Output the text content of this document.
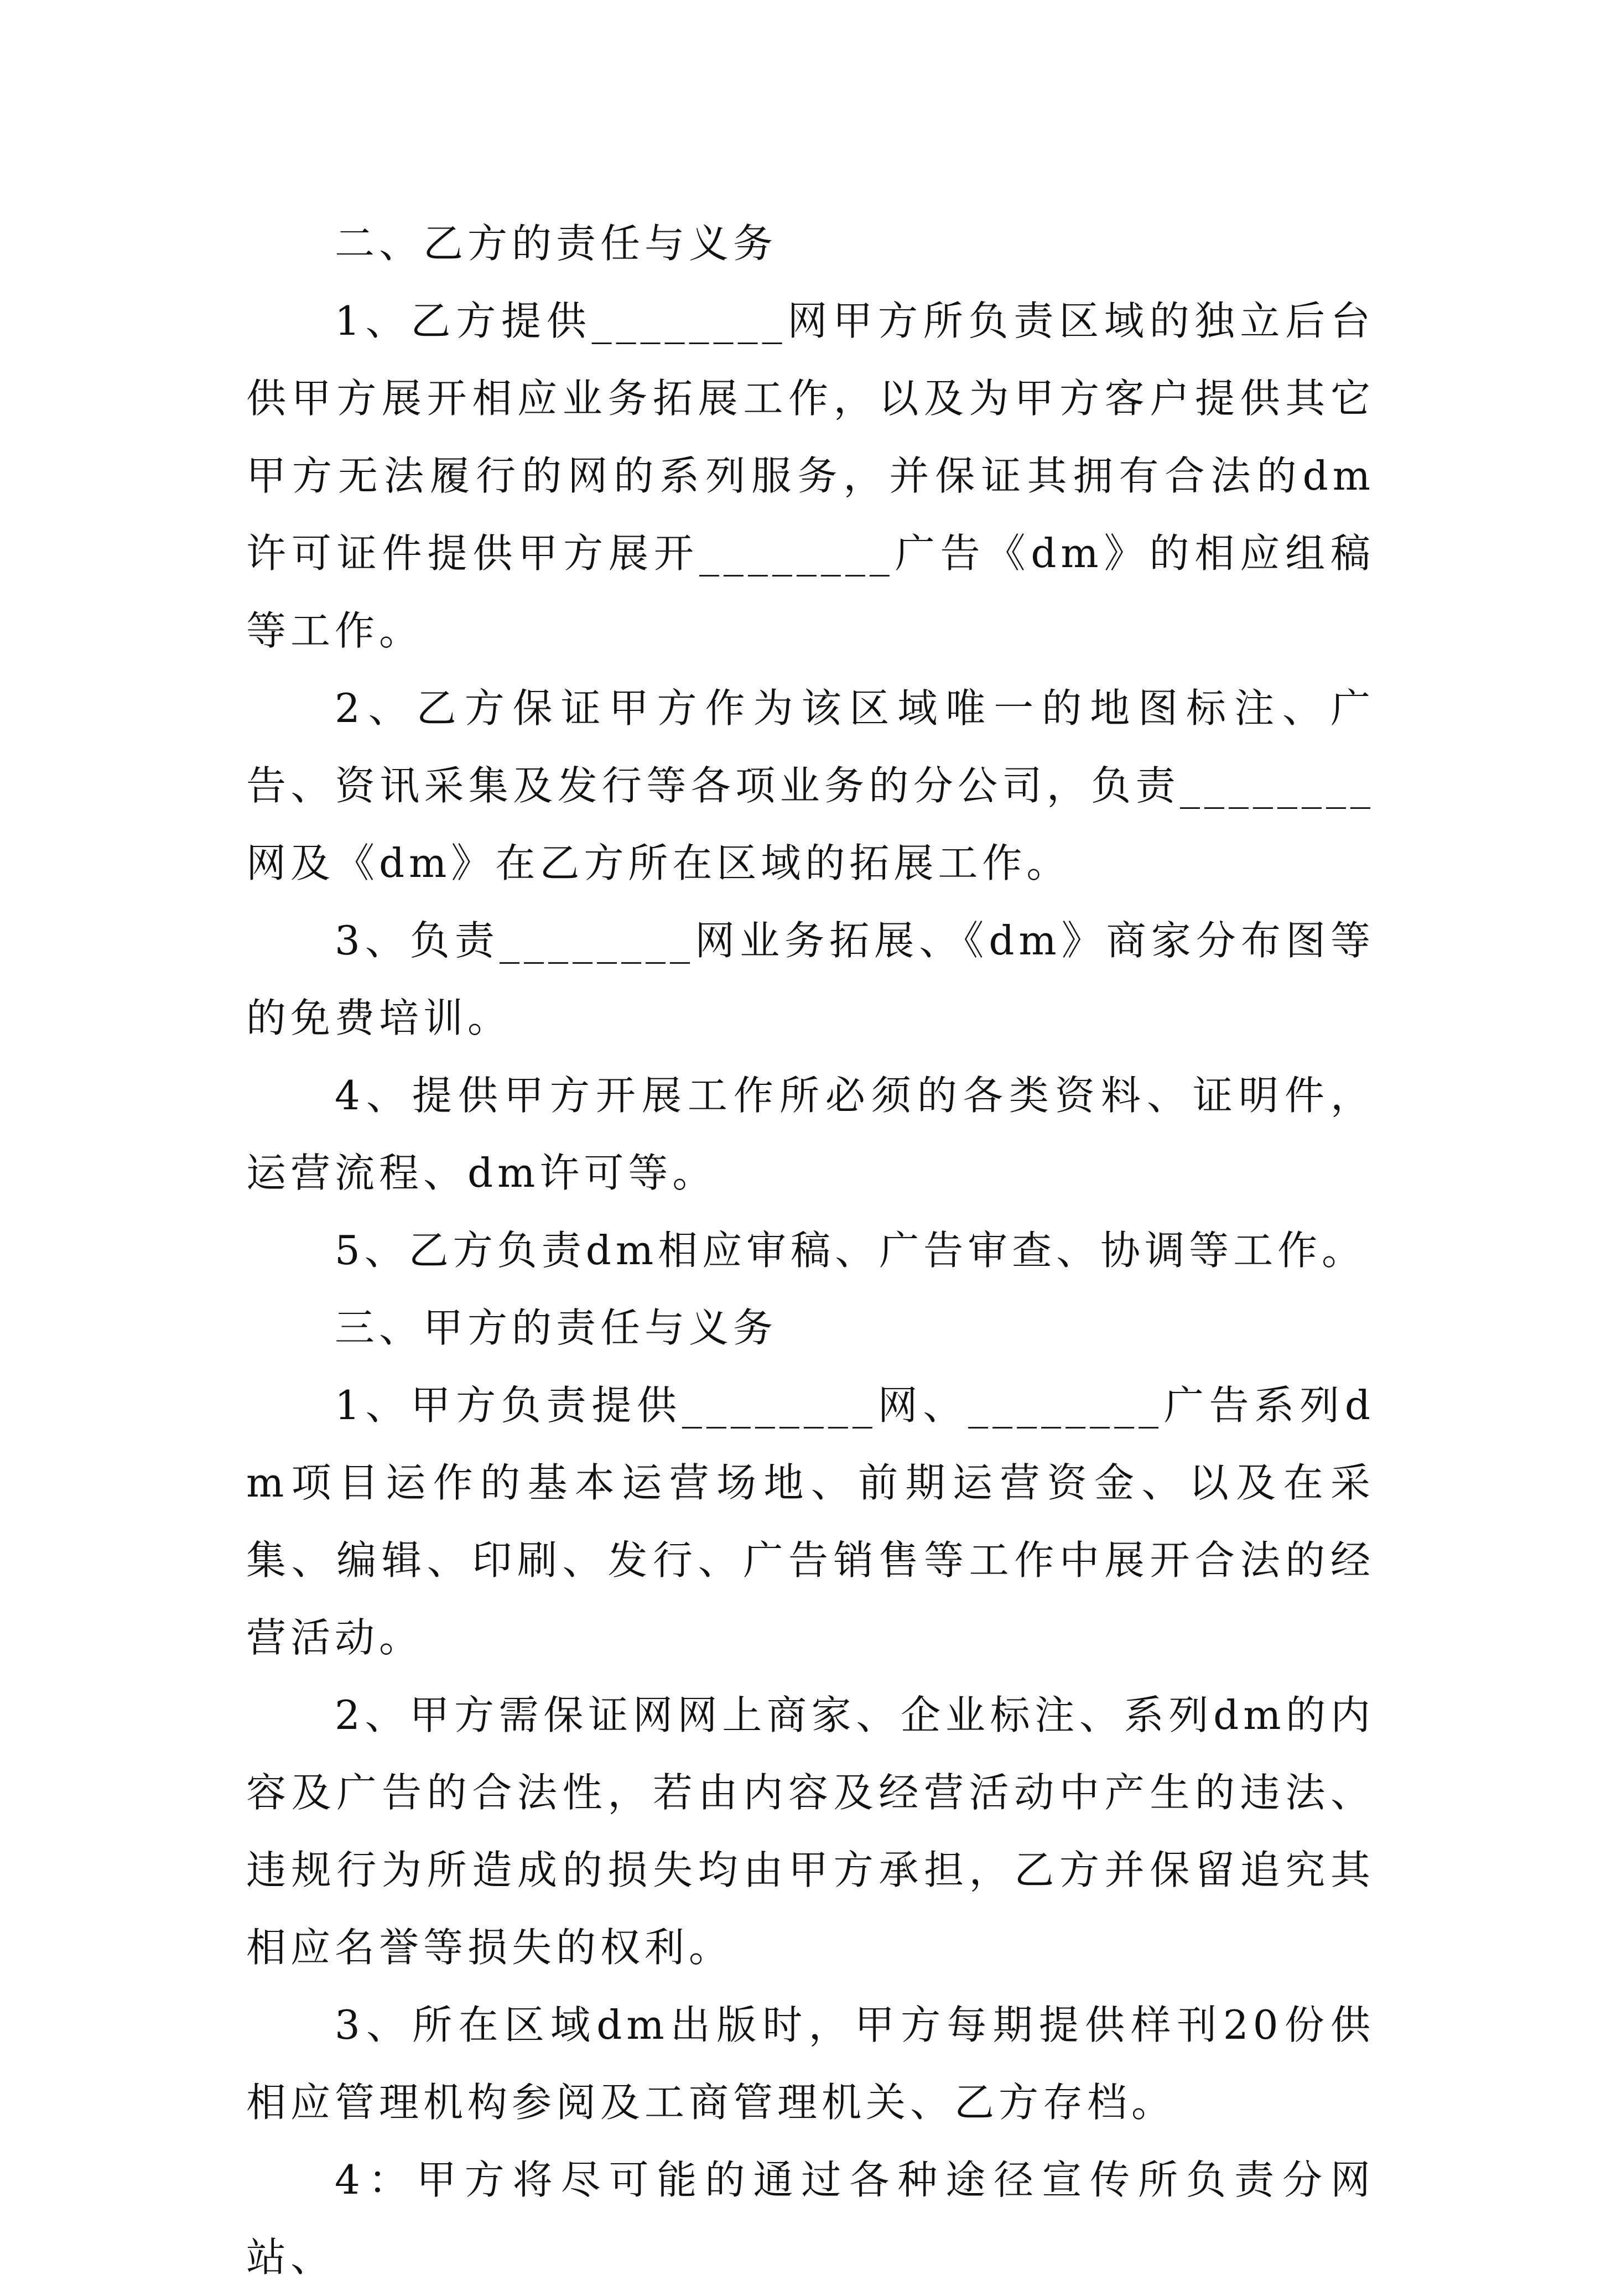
二、乙方的责任与义务

1、乙方提供________网甲方所负责区域的独立后台供甲方展开相应业务拓展工作，以及为甲方客户提供其它甲方无法履行的网的系列服务，并保证其拥有合法的dm许可证件提供甲方展开________广告《dm》的相应组稿等工作。

2、乙方保证甲方作为该区域唯一的地图标注、广告、资讯采集及发行等各项业务的分公司，负责________网及《dm》在乙方所在区域的拓展工作。

3、负责________网业务拓展、《dm》商家分布图等的免费培训。

4、提供甲方开展工作所必须的各类资料、证明件，运营流程、dm许可等。

5、乙方负责dm相应审稿、广告审查、协调等工作。

三、甲方的责任与义务

1、甲方负责提供________网、________广告系列dm项目运作的基本运营场地、前期运营资金、以及在采集、编辑、印刷、发行、广告销售等工作中展开合法的经营活动。

2、甲方需保证网网上商家、企业标注、系列dm的内容及广告的合法性，若由内容及经营活动中产生的违法、违规行为所造成的损失均由甲方承担，乙方并保留追究其相应名誉等损失的权利。

3、所在区域dm出版时，甲方每期提供样刊20份供相应管理机构参阅及工商管理机关、乙方存档。

4：甲方将尽可能的通过各种途径宣传所负责分网站、
